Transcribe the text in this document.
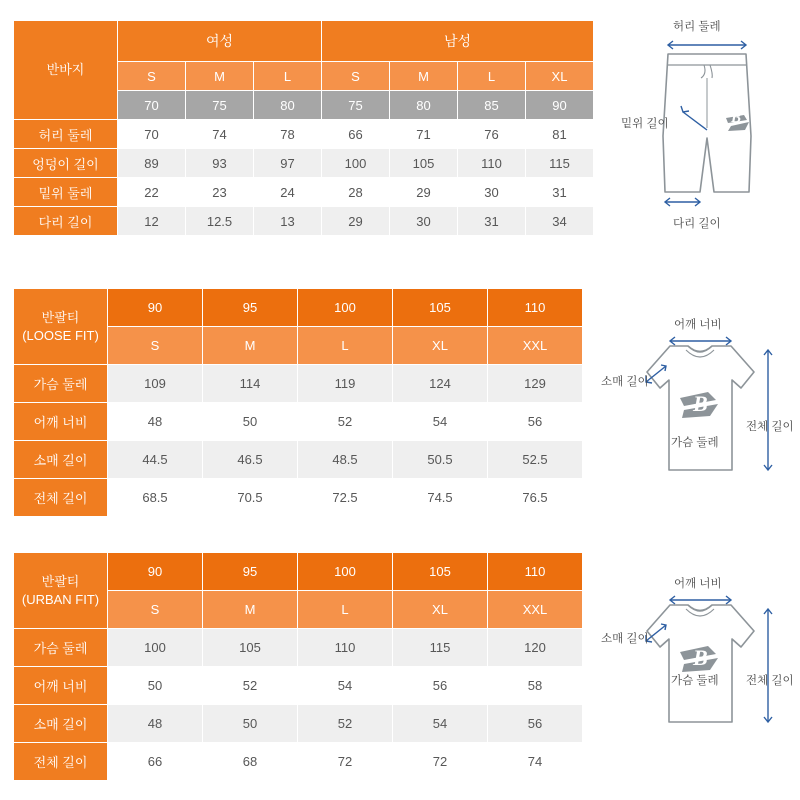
반바지	여성			남성			
	S	M	L	S	M	L	XL
	70	75	80	75	80	85	90
허리 둘레	70	74	78	66	71	76	81
엉덩이 길이	89	93	97	100	105	110	115
밑위 둘레	22	23	24	28	29	30	31
다리 길이	12	12.5	13	29	30	31	34
허리 둘레
밑위 길이
다리 길이
B
반팔티
(LOOSE FIT)	90	95	100	105	110
	S	M	L	XL	XXL
가슴 둘레	109	114	119	124	129
어깨 너비	48	50	52	54	56
소매 길이	44.5	46.5	48.5	50.5	52.5
전체 길이	68.5	70.5	72.5	74.5	76.5
어깨 너비
소매 길이
가슴 둘레
전체 길이
B
반팔티
(URBAN FIT)	90	95	100	105	110
	S	M	L	XL	XXL
가슴 둘레	100	105	110	115	120
어깨 너비	50	52	54	56	58
소매 길이	48	50	52	54	56
전체 길이	66	68	72	72	74
어깨 너비
소매 길이
가슴 둘레 전체 길이
B
